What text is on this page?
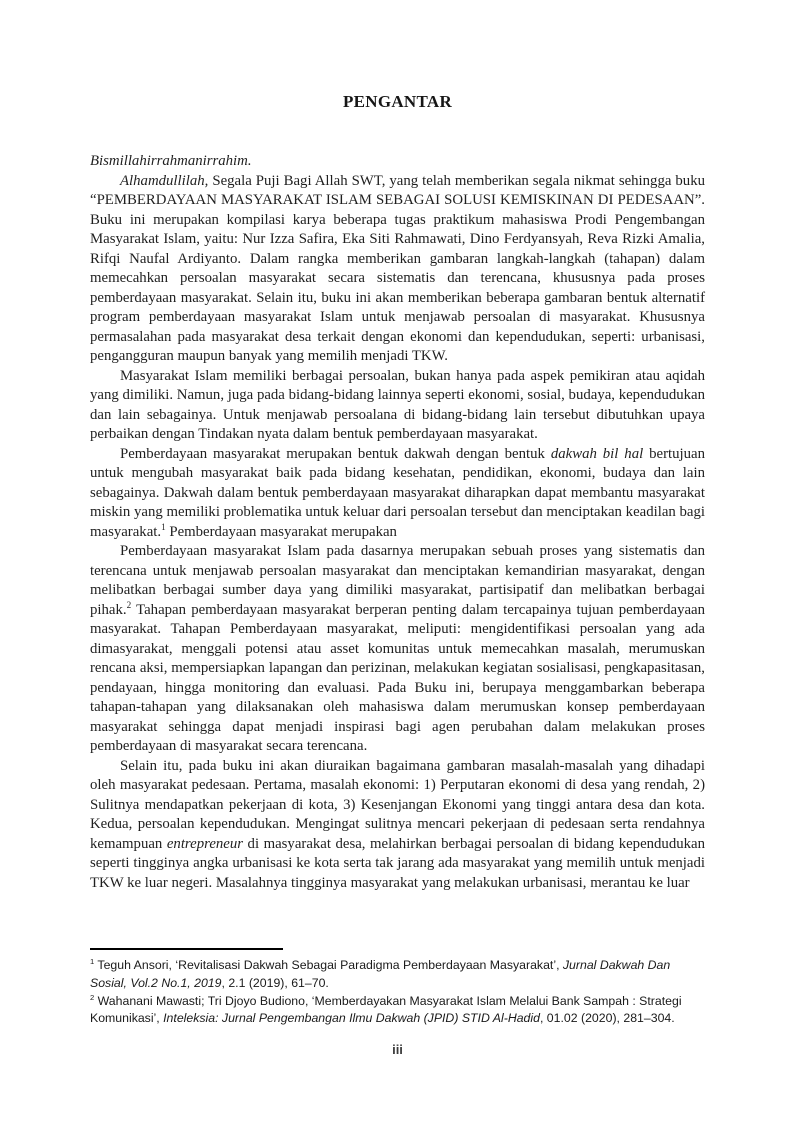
PENGANTAR

Bismillahirrahmanirrahim.

Alhamdullilah, Segala Puji Bagi Allah SWT, yang telah memberikan segala nikmat sehingga buku “PEMBERDAYAAN MASYARAKAT ISLAM SEBAGAI SOLUSI KEMISKINAN DI PEDESAAN”. Buku ini merupakan kompilasi karya beberapa tugas praktikum mahasiswa Prodi Pengembangan Masyarakat Islam, yaitu: Nur Izza Safira, Eka Siti Rahmawati, Dino Ferdyansyah, Reva Rizki Amalia, Rifqi Naufal Ardiyanto. Dalam rangka memberikan gambaran langkah-langkah (tahapan) dalam memecahkan persoalan masyarakat secara sistematis dan terencana, khususnya pada proses pemberdayaan masyarakat. Selain itu, buku ini akan memberikan beberapa gambaran bentuk alternatif program pemberdayaan masyarakat Islam untuk menjawab persoalan di masyarakat. Khususnya permasalahan pada masyarakat desa terkait dengan ekonomi dan kependudukan, seperti: urbanisasi, pengangguran maupun banyak yang memilih menjadi TKW.

Masyarakat Islam memiliki berbagai persoalan, bukan hanya pada aspek pemikiran atau aqidah yang dimiliki. Namun, juga pada bidang-bidang lainnya seperti ekonomi, sosial, budaya, kependudukan dan lain sebagainya. Untuk menjawab persoalana di bidang-bidang lain tersebut dibutuhkan upaya perbaikan dengan Tindakan nyata dalam bentuk pemberdayaan masyarakat.

Pemberdayaan masyarakat merupakan bentuk dakwah dengan bentuk dakwah bil hal bertujuan untuk mengubah masyarakat baik pada bidang kesehatan, pendidikan, ekonomi, budaya dan lain sebagainya. Dakwah dalam bentuk pemberdayaan masyarakat diharapkan dapat membantu masyarakat miskin yang memiliki problematika untuk keluar dari persoalan tersebut dan menciptakan keadilan bagi masyarakat.$^1$ Pemberdayaan masyarakat merupakan

Pemberdayaan masyarakat Islam pada dasarnya merupakan sebuah proses yang sistematis dan terencana untuk menjawab persoalan masyarakat dan menciptakan kemandirian masyarakat, dengan melibatkan berbagai sumber daya yang dimiliki masyarakat, partisipatif dan melibatkan berbagai pihak.$^2$ Tahapan pemberdayaan masyarakat berperan penting dalam tercapainya tujuan pemberdayaan masyarakat. Tahapan Pemberdayaan masyarakat, meliputi: mengidentifikasi persoalan yang ada dimasyarakat, menggali potensi atau asset komunitas untuk memecahkan masalah, merumuskan rencana aksi, mempersiapkan lapangan dan perizinan, melakukan kegiatan sosialisasi, pengkapasitasan, pendayaan, hingga monitoring dan evaluasi. Pada Buku ini, berupaya menggambarkan beberapa tahapan-tahapan yang dilaksanakan oleh mahasiswa dalam merumuskan konsep pemberdayaan masyarakat sehingga dapat menjadi inspirasi bagi agen perubahan dalam melakukan proses pemberdayaan di masyarakat secara terencana.

Selain itu, pada buku ini akan diuraikan bagaimana gambaran masalah-masalah yang dihadapi oleh masyarakat pedesaan. Pertama, masalah ekonomi: 1) Perputaran ekonomi di desa yang rendah, 2) Sulitnya mendapatkan pekerjaan di kota, 3) Kesenjangan Ekonomi yang tinggi antara desa dan kota. Kedua, persoalan kependudukan. Mengingat sulitnya mencari pekerjaan di pedesaan serta rendahnya kemampuan entrepreneur di masyarakat desa, melahirkan berbagai persoalan di bidang kependudukan seperti tingginya angka urbanisasi ke kota serta tak jarang ada masyarakat yang memilih untuk menjadi TKW ke luar negeri. Masalahnya tingginya masyarakat yang melakukan urbanisasi, merantau ke luar

$^1$ Teguh Ansori, ‘Revitalisasi Dakwah Sebagai Paradigma Pemberdayaan Masyarakat’, Jurnal Dakwah Dan Sosial, Vol.2 No.1, 2019, 2.1 (2019), 61–70.

$^2$ Wahanani Mawasti; Tri Djoyo Budiono, ‘Memberdayakan Masyarakat Islam Melalui Bank Sampah : Strategi Komunikasi’, Inteleksia: Jurnal Pengembangan Ilmu Dakwah (JPID) STID Al-Hadid, 01.02 (2020), 281–304.

iii
